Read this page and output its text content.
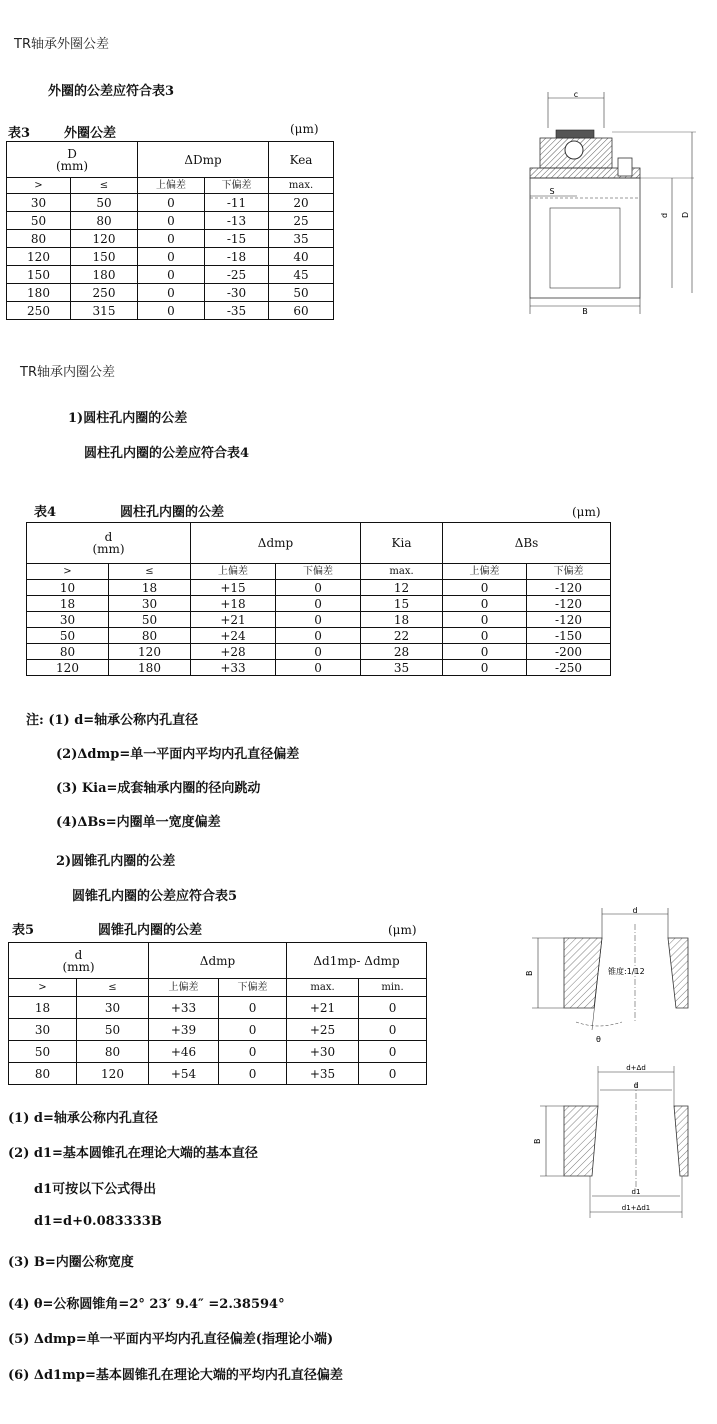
TR轴承外圈公差
外圈的公差应符合表3
表3	外圈公差	(μm)
D
(mm)		ΔDmp		Kea
>	≤	上偏差	下偏差	max.
30	50	0	-11	20
50	80	0	-13	25
80	120	0	-15	35
120	150	0	-18	40
150	180	0	-25	45
180	250	0	-30	50
250	315	0	-35	60
c
S
B
d D
TR轴承内圈公差
1)圆柱孔内圈的公差
圆柱孔内圈的公差应符合表4
表4	圆柱孔内圈的公差	(μm)
d
(mm)		Δdmp		Kia	ΔBs	
>	≤	上偏差	下偏差	max.	上偏差	下偏差
10	18	+15	0	12	0	-120
18	30	+18	0	15	0	-120
30	50	+21	0	18	0	-120
50	80	+24	0	22	0	-150
80	120	+28	0	28	0	-200
120	180	+33	0	35	0	-250
注: (1) d=轴承公称内孔直径
(2)Δdmp=单一平面内平均内孔直径偏差
(3) Kia=成套轴承内圈的径向跳动
(4)ΔBs=内圈单一宽度偏差
2)圆锥孔内圈的公差
圆锥孔内圈的公差应符合表5
表5	圆锥孔内圈的公差	(μm)
d
(mm)		Δdmp		Δd1mp- Δdmp	
>	≤	上偏差	下偏差	max.	min.
18	30	+33	0	+21	0
30	50	+39	0	+25	0
50	80	+46	0	+30	0
80	120	+54	0	+35	0
(1) d=轴承公称内孔直径
(2) d1=基本圆锥孔在理论大端的基本直径
d1可按以下公式得出
d1=d+0.083333B
(3) B=内圈公称宽度
(4) θ=公称圆锥角=2° 23′ 9.4″ =2.38594°
(5) Δdmp=单一平面内平均内孔直径偏差(指理论小端)
(6) Δd1mp=基本圆锥孔在理论大端的平均内孔直径偏差
d
B	锥度:1/12
θ
d+Δd
d
B
d1
d1+Δd1
